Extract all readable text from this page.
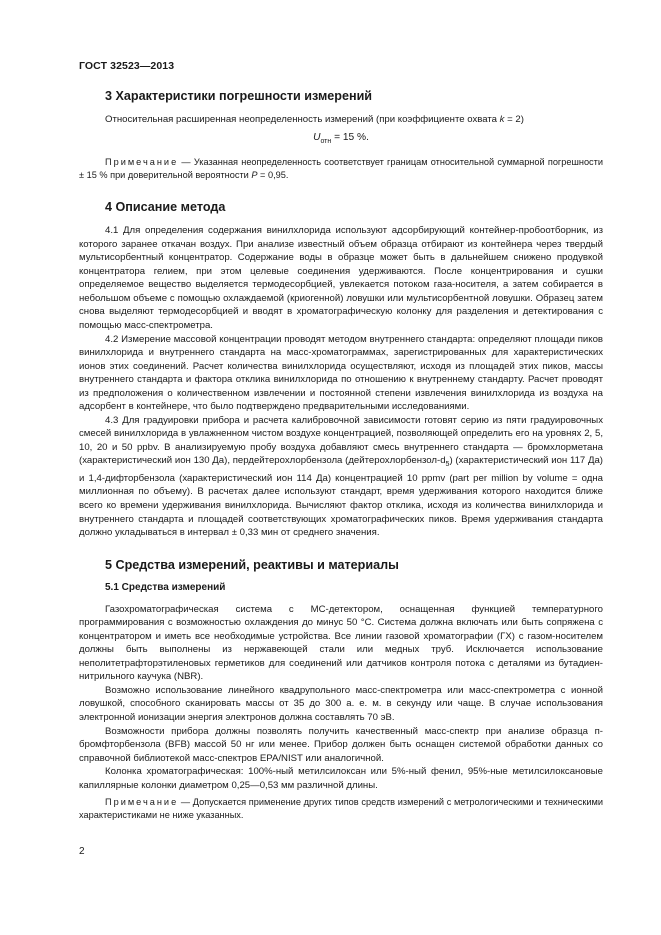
ГОСТ 32523—2013
3 Характеристики погрешности измерений

Относительная расширенная неопределенность измерений (при коэффициенте охвата k = 2)

$U_{отн} = 15$ %.

Примечание — Указанная неопределенность соответствует границам относительной суммарной погрешности ± 15 % при доверительной вероятности P = 0,95.

4 Описание метода

4.1 Для определения содержания винилхлорида используют адсорбирующий контейнер-пробоотборник, из которого заранее откачан воздух. При анализе известный объем образца отбирают из контейнера через твердый мультисорбентный концентратор. Содержание воды в образце может быть в дальнейшем снижено продувкой концентратора гелием, при этом целевые соединения удерживаются. После концентрирования и сушки определяемое вещество выделяется термодесорбцией, увлекается потоком газа-носителя, а затем собирается в небольшом объеме с помощью охлаждаемой (криогенной) ловушки или мультисорбентной ловушки. Образец затем снова выделяют термодесорбцией и вводят в хроматографическую колонку для разделения и детектирования с помощью масс-спектрометра.

4.2 Измерение массовой концентрации проводят методом внутреннего стандарта: определяют площади пиков винилхлорида и внутреннего стандарта на масс-хроматограммах, зарегистрированных для характеристических ионов этих соединений. Расчет количества винилхлорида осуществляют, исходя из площадей этих пиков, массы внутреннего стандарта и фактора отклика винилхлорида по отношению к внутреннему стандарту. Расчет проводят из предположения о количественном извлечении и постоянной степени извлечения винилхлорида из воздуха на адсорбент в контейнере, что было подтверждено предварительными исследованиями.

4.3 Для градуировки прибора и расчета калибровочной зависимости готовят серию из пяти градуировочных смесей винилхлорида в увлажненном чистом воздухе концентрацией, позволяющей определить его на уровнях 2, 5, 10, 20 и 50 ppbv. В анализируемую пробу воздуха добавляют смесь внутреннего стандарта — бромхлорметана (характеристический ион 130 Да), пердейтерохлорбензола $(дейтерохлорбензол-d_5)$ (характеристический ион 117 Да) и 1,4-дифторбензола (характеристический ион 114 Да) концентрацией 10 ppmv (part per million by volume = одна миллионная по объему). В расчетах далее используют стандарт, время удерживания которого находится ближе всего ко времени удерживания винилхлорида. Вычисляют фактор отклика, исходя из количества винилхлорида и внутреннего стандарта и площадей соответствующих хроматографических пиков. Время удерживания стандарта должно укладываться в интервал ± 0,33 мин от среднего значения.

5 Средства измерений, реактивы и материалы
5.1 Средства измерений

Газохроматографическая система с МС-детектором, оснащенная функцией температурного программирования с возможностью охлаждения до минус 50 °С. Система должна включать или быть сопряжена с концентратором и иметь все необходимые устройства. Все линии газовой хроматографии (ГХ) с газом-носителем должны быть выполнены из нержавеющей стали или медных труб. Исключается использование неполитетрафторэтиленовых герметиков для соединений или датчиков контроля потока с деталями из бутадиен-нитрильного каучука (NBR).

Возможно использование линейного квадрупольного масс-спектрометра или масс-спектрометра с ионной ловушкой, способного сканировать массы от 35 до 300 а. е. м. в секунду или чаще. В случае использования электронной ионизации энергия электронов должна составлять 70 эВ.

Возможности прибора должны позволять получить качественный масс-спектр при анализе образца п-бромфторбензола (BFB) массой 50 нг или менее. Прибор должен быть оснащен системой обработки данных со справочной библиотекой масс-спектров EPA/NIST или аналогичной.

Колонка хроматографическая: 100%-ный метилсилоксан или 5%-ный фенил, 95%-ные метилсилоксановые капиллярные колонки диаметром 0,25—0,53 мм различной длины.

Примечание — Допускается применение других типов средств измерений с метрологическими и техническими характеристиками не ниже указанных.

2
